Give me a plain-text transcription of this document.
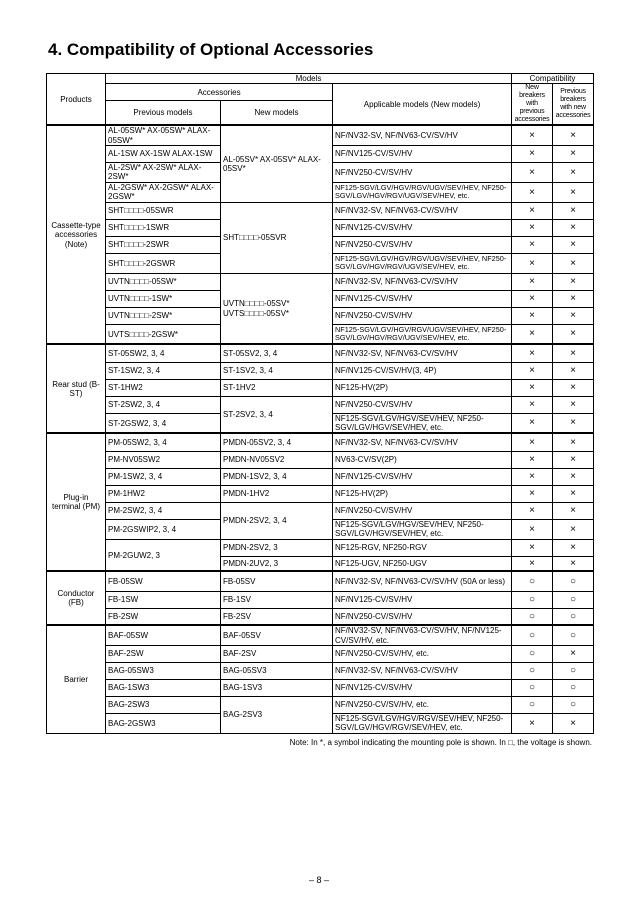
4. Compatibility of Optional Accessories
Products	Models			Compatibility	
	Accessories		Applicable models (New models)	New breakers with previous accessories	Previous breakers with new accessories
	Previous models	New models			
Cassette-type accessories (Note)	AL-05SW* AX-05SW* ALAX-05SW*	AL-05SV* AX-05SV* ALAX-05SV*	NF/NV32-SV, NF/NV63-CV/SV/HV	×	×
	AL-1SW AX-1SW ALAX-1SW		NF/NV125-CV/SV/HV	×	×
	AL-2SW* AX-2SW* ALAX-2SW*		NF/NV250-CV/SV/HV	×	×
	AL-2GSW* AX-2GSW* ALAX-2GSW*		NF125-SGV/LGV/HGV/RGV/UGV/SEV/HEV, NF250-SGV/LGV/HGV/RGV/UGV/SEV/HEV, etc.	×	×
	SHT□□□□-05SWR	SHT□□□□-05SVR	NF/NV32-SV, NF/NV63-CV/SV/HV	×	×
	SHT□□□□-1SWR		NF/NV125-CV/SV/HV	×	×
	SHT□□□□-2SWR		NF/NV250-CV/SV/HV	×	×
	SHT□□□□-2GSWR		NF125-SGV/LGV/HGV/RGV/UGV/SEV/HEV, NF250-SGV/LGV/HGV/RGV/UGV/SEV/HEV, etc.	×	×
	UVTN□□□□-05SW*	UVTN□□□□-05SV* UVTS□□□□-05SV*	NF/NV32-SV, NF/NV63-CV/SV/HV	×	×
	UVTN□□□□-1SW*		NF/NV125-CV/SV/HV	×	×
	UVTN□□□□-2SW*		NF/NV250-CV/SV/HV	×	×
	UVTS□□□□-2GSW*		NF125-SGV/LGV/HGV/RGV/UGV/SEV/HEV, NF250-SGV/LGV/HGV/RGV/UGV/SEV/HEV, etc.	×	×
Rear stud (B-ST)	ST-05SW2, 3, 4	ST-05SV2, 3, 4	NF/NV32-SV, NF/NV63-CV/SV/HV	×	×
	ST-1SW2, 3, 4	ST-1SV2, 3, 4	NF/NV125-CV/SV/HV(3, 4P)	×	×
	ST-1HW2	ST-1HV2	NF125-HV(2P)	×	×
	ST-2SW2, 3, 4	ST-2SV2, 3, 4	NF/NV250-CV/SV/HV	×	×
	ST-2GSW2, 3, 4		NF125-SGV/LGV/HGV/SEV/HEV, NF250-SGV/LGV/HGV/SEV/HEV, etc.	×	×
Plug-in terminal (PM)	PM-05SW2, 3, 4	PMDN-05SV2, 3, 4	NF/NV32-SV, NF/NV63-CV/SV/HV	×	×
	PM-NV05SW2	PMDN-NV05SV2	NV63-CV/SV(2P)	×	×
	PM-1SW2, 3, 4	PMDN-1SV2, 3, 4	NF/NV125-CV/SV/HV	×	×
	PM-1HW2	PMDN-1HV2	NF125-HV(2P)	×	×
	PM-2SW2, 3, 4	PMDN-2SV2, 3, 4	NF/NV250-CV/SV/HV	×	×
	PM-2GSWIP2, 3, 4		NF125-SGV/LGV/HGV/SEV/HEV, NF250-SGV/LGV/HGV/SEV/HEV, etc.	×	×
	PM-2GUW2, 3	PMDN-2SV2, 3	NF125-RGV, NF250-RGV	×	×
		PMDN-2UV2, 3	NF125-UGV, NF250-UGV	×	×
Conductor (FB)	FB-05SW	FB-05SV	NF/NV32-SV, NF/NV63-CV/SV/HV (50A or less)	○	○
	FB-1SW	FB-1SV	NF/NV125-CV/SV/HV	○	○
	FB-2SW	FB-2SV	NF/NV250-CV/SV/HV	○	○
Barrier	BAF-05SW	BAF-05SV	NF/NV32-SV, NF/NV63-CV/SV/HV, NF/NV125-CV/SV/HV, etc.	○	○
	BAF-2SW	BAF-2SV	NF/NV250-CV/SV/HV, etc.	○	×
	BAG-05SW3	BAG-05SV3	NF/NV32-SV, NF/NV63-CV/SV/HV	○	○
	BAG-1SW3	BAG-1SV3	NF/NV125-CV/SV/HV	○	○
	BAG-2SW3	BAG-2SV3	NF/NV250-CV/SV/HV, etc.	○	○
	BAG-2GSW3		NF125-SGV/LGV/HGV/RGV/SEV/HEV, NF250-SGV/LGV/HGV/RGV/SEV/HEV, etc.	×	×

Note: In *, a symbol indicating the mounting pole is shown. In □, the voltage is shown.

– 8 –
